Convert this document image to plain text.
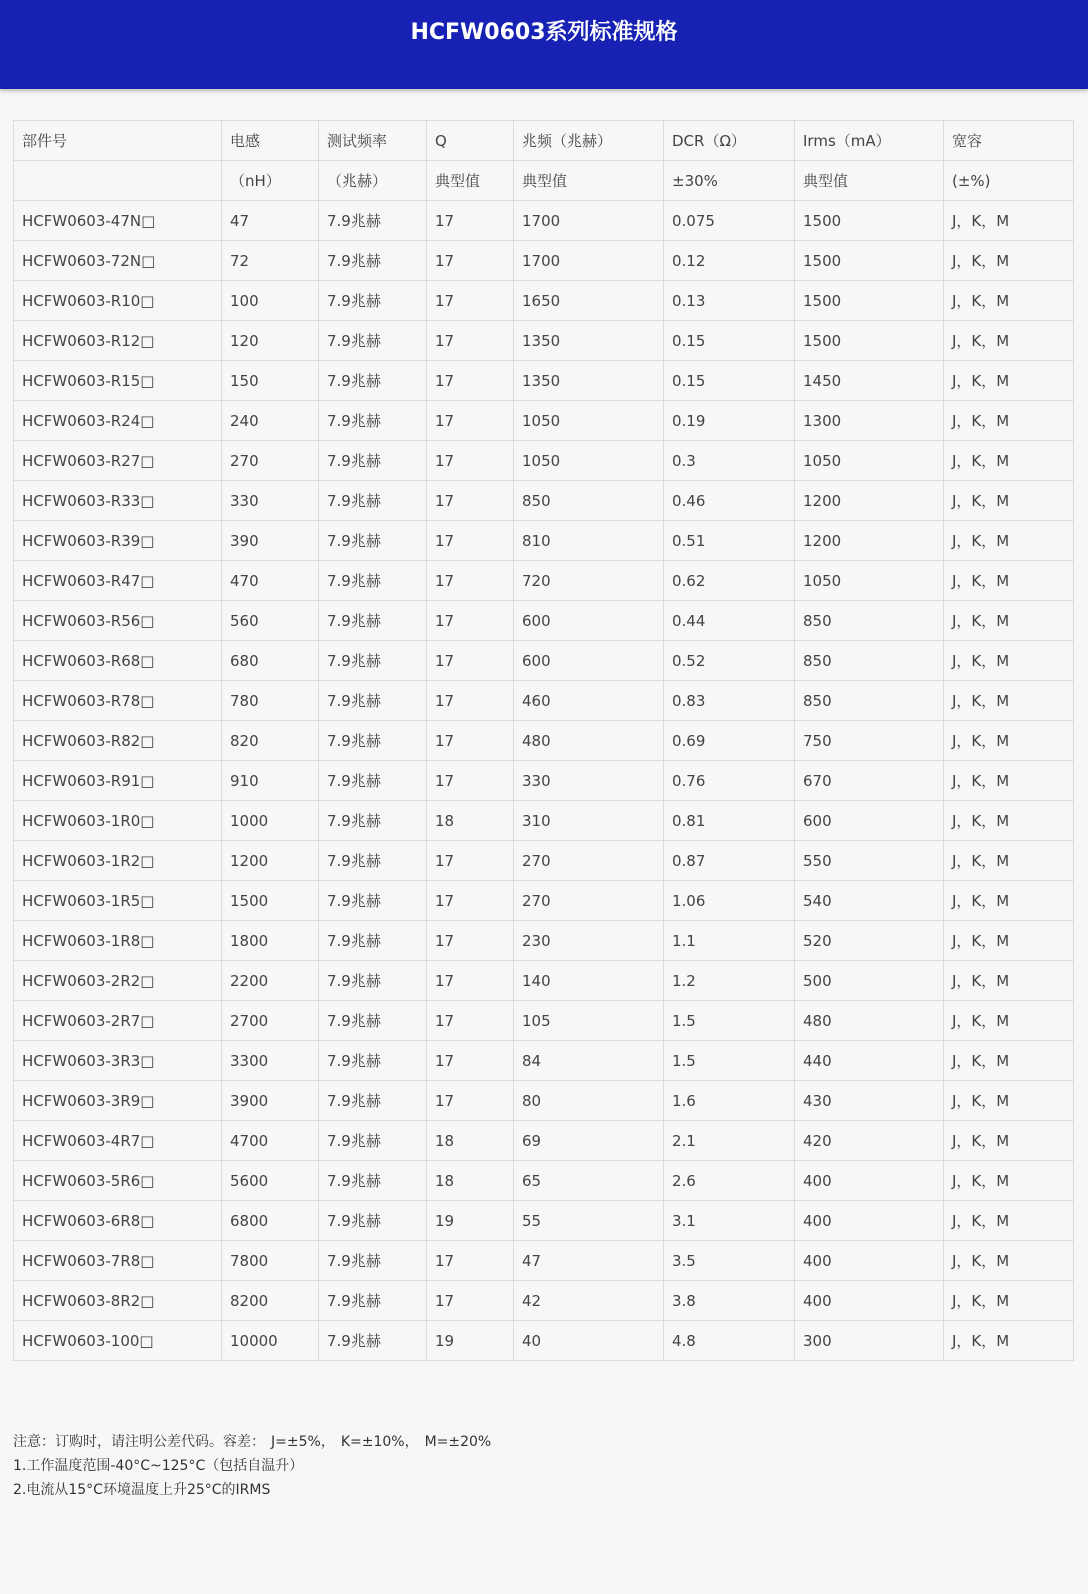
HCFW0603系列标准规格
部件号	电感	测试频率	Q	兆频（兆赫）	DCR（Ω）	Irms（mA）	宽容
	（nH）	（兆赫）	典型值	典型值	±30%	典型值	(±%)
HCFW0603-47N□	47	7.9兆赫	17	1700	0.075	1500	J，K，M
HCFW0603-72N□	72	7.9兆赫	17	1700	0.12	1500	J，K，M
HCFW0603-R10□	100	7.9兆赫	17	1650	0.13	1500	J，K，M
HCFW0603-R12□	120	7.9兆赫	17	1350	0.15	1500	J，K，M
HCFW0603-R15□	150	7.9兆赫	17	1350	0.15	1450	J，K，M
HCFW0603-R24□	240	7.9兆赫	17	1050	0.19	1300	J，K，M
HCFW0603-R27□	270	7.9兆赫	17	1050	0.3	1050	J，K，M
HCFW0603-R33□	330	7.9兆赫	17	850	0.46	1200	J，K，M
HCFW0603-R39□	390	7.9兆赫	17	810	0.51	1200	J，K，M
HCFW0603-R47□	470	7.9兆赫	17	720	0.62	1050	J，K，M
HCFW0603-R56□	560	7.9兆赫	17	600	0.44	850	J，K，M
HCFW0603-R68□	680	7.9兆赫	17	600	0.52	850	J，K，M
HCFW0603-R78□	780	7.9兆赫	17	460	0.83	850	J，K，M
HCFW0603-R82□	820	7.9兆赫	17	480	0.69	750	J，K，M
HCFW0603-R91□	910	7.9兆赫	17	330	0.76	670	J，K，M
HCFW0603-1R0□	1000	7.9兆赫	18	310	0.81	600	J，K，M
HCFW0603-1R2□	1200	7.9兆赫	17	270	0.87	550	J，K，M
HCFW0603-1R5□	1500	7.9兆赫	17	270	1.06	540	J，K，M
HCFW0603-1R8□	1800	7.9兆赫	17	230	1.1	520	J，K，M
HCFW0603-2R2□	2200	7.9兆赫	17	140	1.2	500	J，K，M
HCFW0603-2R7□	2700	7.9兆赫	17	105	1.5	480	J，K，M
HCFW0603-3R3□	3300	7.9兆赫	17	84	1.5	440	J，K，M
HCFW0603-3R9□	3900	7.9兆赫	17	80	1.6	430	J，K，M
HCFW0603-4R7□	4700	7.9兆赫	18	69	2.1	420	J，K，M
HCFW0603-5R6□	5600	7.9兆赫	18	65	2.6	400	J，K，M
HCFW0603-6R8□	6800	7.9兆赫	19	55	3.1	400	J，K，M
HCFW0603-7R8□	7800	7.9兆赫	17	47	3.5	400	J，K，M
HCFW0603-8R2□	8200	7.9兆赫	17	42	3.8	400	J，K，M
HCFW0603-100□	10000	7.9兆赫	19	40	4.8	300	J，K，M
注意：订购时，请注明公差代码。容差： J=±5%， K=±10%， M=±20%
1.工作温度范围-40°C~125°C（包括自温升）
2.电流从15°C环境温度上升25°C的IRMS
